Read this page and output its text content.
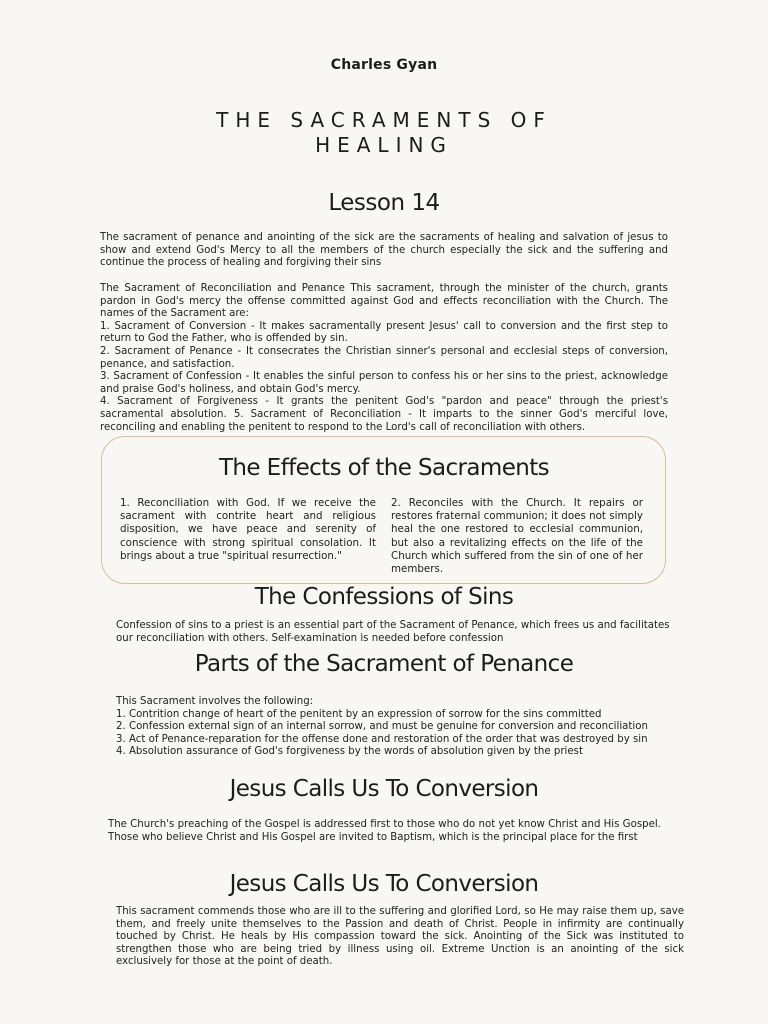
Charles Gyan
THE SACRAMENTS OF
HEALING
Lesson 14

The sacrament of penance and anointing of the sick are the sacraments of healing and salvation of jesus to show and extend God's Mercy to all the members of the church especially the sick and the suffering and continue the process of healing and forgiving their sins

The Sacrament of Reconciliation and Penance This sacrament, through the minister of the church, grants pardon in God's mercy the offense committed against God and effects reconciliation with the Church. The names of the Sacrament are:

1. Sacrament of Conversion - It makes sacramentally present Jesus' call to conversion and the first step to return to God the Father, who is offended by sin.

2. Sacrament of Penance - It consecrates the Christian sinner's personal and ecclesial steps of conversion, penance, and satisfaction.

3. Sacrament of Confession - It enables the sinful person to confess his or her sins to the priest, acknowledge and praise God's holiness, and obtain God's mercy.

4. Sacrament of Forgiveness - It grants the penitent God's "pardon and peace" through the priest's sacramental absolution. 5. Sacrament of Reconciliation - It imparts to the sinner God's merciful love, reconciling and enabling the penitent to respond to the Lord's call of reconciliation with others.

The Effects of the Sacraments
1. Reconciliation with God. If we receive the sacrament with contrite heart and religious disposition, we have peace and serenity of conscience with strong spiritual consolation. It brings about a true "spiritual resurrection."
2. Reconciles with the Church. It repairs or restores fraternal communion; it does not simply heal the one restored to ecclesial communion, but also a revitalizing effects on the life of the Church which suffered from the sin of one of her members.
The Confessions of Sins
Confession of sins to a priest is an essential part of the Sacrament of Penance, which frees us and facilitates our reconciliation with others. Self-examination is needed before confession
Parts of the Sacrament of Penance

This Sacrament involves the following:

1. Contrition change of heart of the penitent by an expression of sorrow for the sins committed

2. Confession external sign of an internal sorrow, and must be genuine for conversion and reconciliation

3. Act of Penance-reparation for the offense done and restoration of the order that was destroyed by sin

4. Absolution assurance of God's forgiveness by the words of absolution given by the priest

Jesus Calls Us To Conversion
The Church's preaching of the Gospel is addressed first to those who do not yet know Christ and His Gospel. Those who believe Christ and His Gospel are invited to Baptism, which is the principal place for the first
Jesus Calls Us To Conversion
This sacrament commends those who are ill to the suffering and glorified Lord, so He may raise them up, save them, and freely unite themselves to the Passion and death of Christ. People in infirmity are continually touched by Christ. He heals by His compassion toward the sick. Anointing of the Sick was instituted to strengthen those who are being tried by illness using oil. Extreme Unction is an anointing of the sick exclusively for those at the point of death.
